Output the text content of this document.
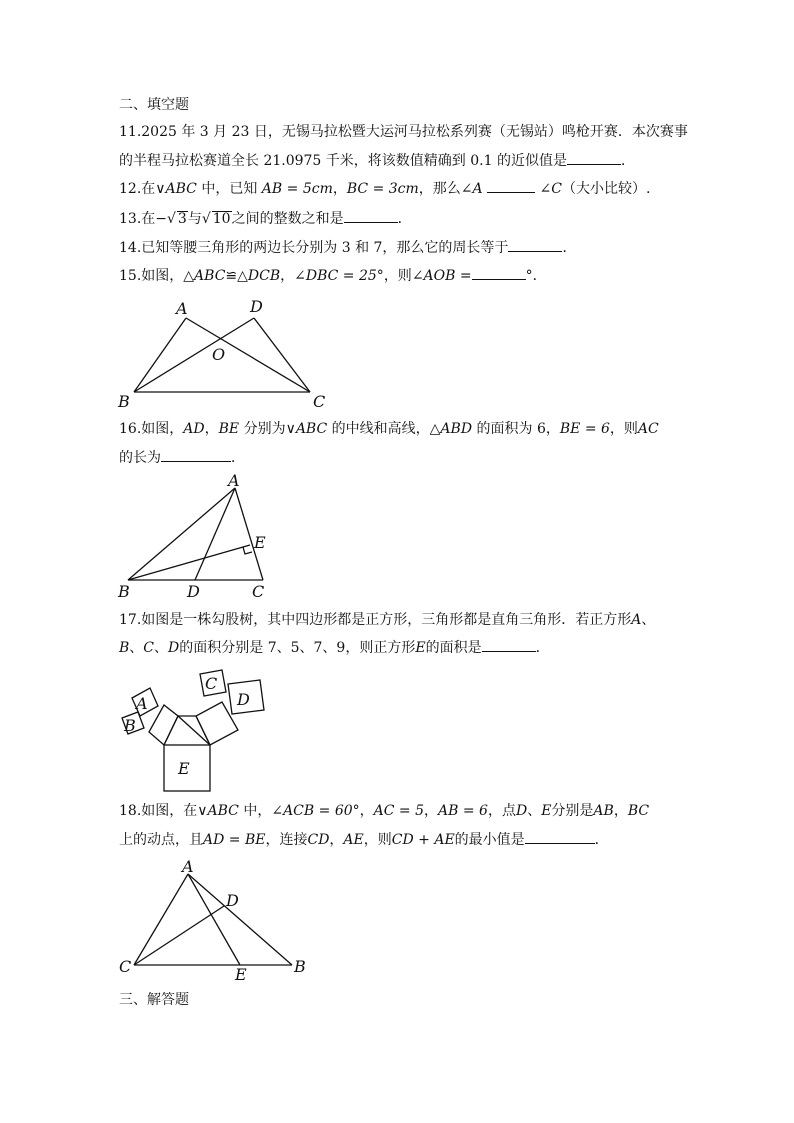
二、填空题
11.2025 年 3 月 23 日，无锡马拉松暨大运河马拉松系列赛（无锡站）鸣枪开赛．本次赛事
的半程马拉松赛道全长 21.0975 千米，将该数值精确到 0.1 的近似值是	．
12.在∨ABC 中，已知 AB = 5cm，BC = 3cm，那么∠A	∠C（大小比较）.
13.在−√ 3与√ 10之间的整数之和是	．
14.已知等腰三角形的两边长分别为 3 和 7，那么它的周长等于	．
15.如图，△ABC≌△DCB，∠DBC = 25°，则∠AOB =	°．
A	D
O
B	C
16.如图，AD，BE 分别为∨ABC 的中线和高线，△ABD 的面积为 6，BE = 6，则AC
的长为	．
A
E
B	D	C
17.如图是一株勾股树，其中四边形都是正方形，三角形都是直角三角形．若正方形A、
B、C、D的面积分别是 7、5、7、9，则正方形E的面积是	．
A
B
C
D
E
18.如图，在∨ABC 中，∠ACB = 60°，AC = 5，AB = 6，点D、E分别是AB，BC
上的动点，且AD = BE，连接CD，AE，则CD + AE的最小值是	．
A
D
C	E	B
三、解答题
